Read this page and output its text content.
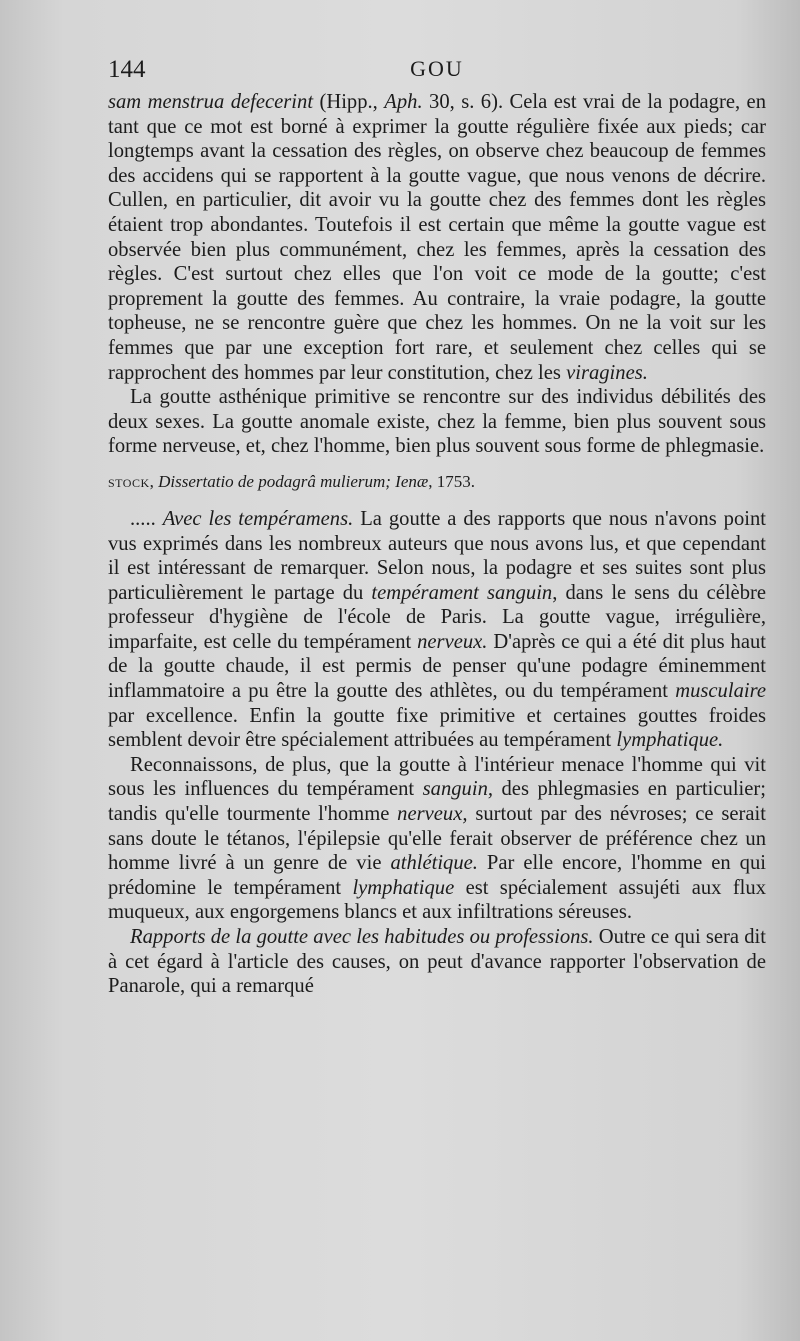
144	GOU

sam menstrua defecerint (Hipp., Aph. 30, s. 6). Cela est vrai de la podagre, en tant que ce mot est borné à exprimer la goutte régulière fixée aux pieds; car longtemps avant la cessation des règles, on observe chez beaucoup de femmes des accidens qui se rapportent à la goutte vague, que nous venons de décrire. Cullen, en particulier, dit avoir vu la goutte chez des femmes dont les règles étaient trop abondantes. Toutefois il est certain que même la goutte vague est observée bien plus communément, chez les femmes, après la cessation des règles. C'est surtout chez elles que l'on voit ce mode de la goutte; c'est proprement la goutte des femmes. Au contraire, la vraie podagre, la goutte topheuse, ne se rencontre guère que chez les hommes. On ne la voit sur les femmes que par une exception fort rare, et seulement chez celles qui se rapprochent des hommes par leur constitution, chez les viragines.

La goutte asthénique primitive se rencontre sur des individus débilités des deux sexes. La goutte anomale existe, chez la femme, bien plus souvent sous forme nerveuse, et, chez l'homme, bien plus souvent sous forme de phlegmasie.

stock, Dissertatio de podagrâ mulierum; Ienæ, 1753.

..... Avec les tempéramens. La goutte a des rapports que nous n'avons point vus exprimés dans les nombreux auteurs que nous avons lus, et que cependant il est intéressant de remarquer. Selon nous, la podagre et ses suites sont plus particulièrement le partage du tempérament sanguin, dans le sens du célèbre professeur d'hygiène de l'école de Paris. La goutte vague, irrégulière, imparfaite, est celle du tempérament nerveux. D'après ce qui a été dit plus haut de la goutte chaude, il est permis de penser qu'une podagre éminemment inflammatoire a pu être la goutte des athlètes, ou du tempérament musculaire par excellence. Enfin la goutte fixe primitive et certaines gouttes froides semblent devoir être spécialement attribuées au tempérament lymphatique.

Reconnaissons, de plus, que la goutte à l'intérieur menace l'homme qui vit sous les influences du tempérament sanguin, des phlegmasies en particulier; tandis qu'elle tourmente l'homme nerveux, surtout par des névroses; ce serait sans doute le tétanos, l'épilepsie qu'elle ferait observer de préférence chez un homme livré à un genre de vie athlétique. Par elle encore, l'homme en qui prédomine le tempérament lymphatique est spécialement assujéti aux flux muqueux, aux engorgemens blancs et aux infiltrations séreuses.

Rapports de la goutte avec les habitudes ou professions. Outre ce qui sera dit à cet égard à l'article des causes, on peut d'avance rapporter l'observation de Panarole, qui a remarqué
